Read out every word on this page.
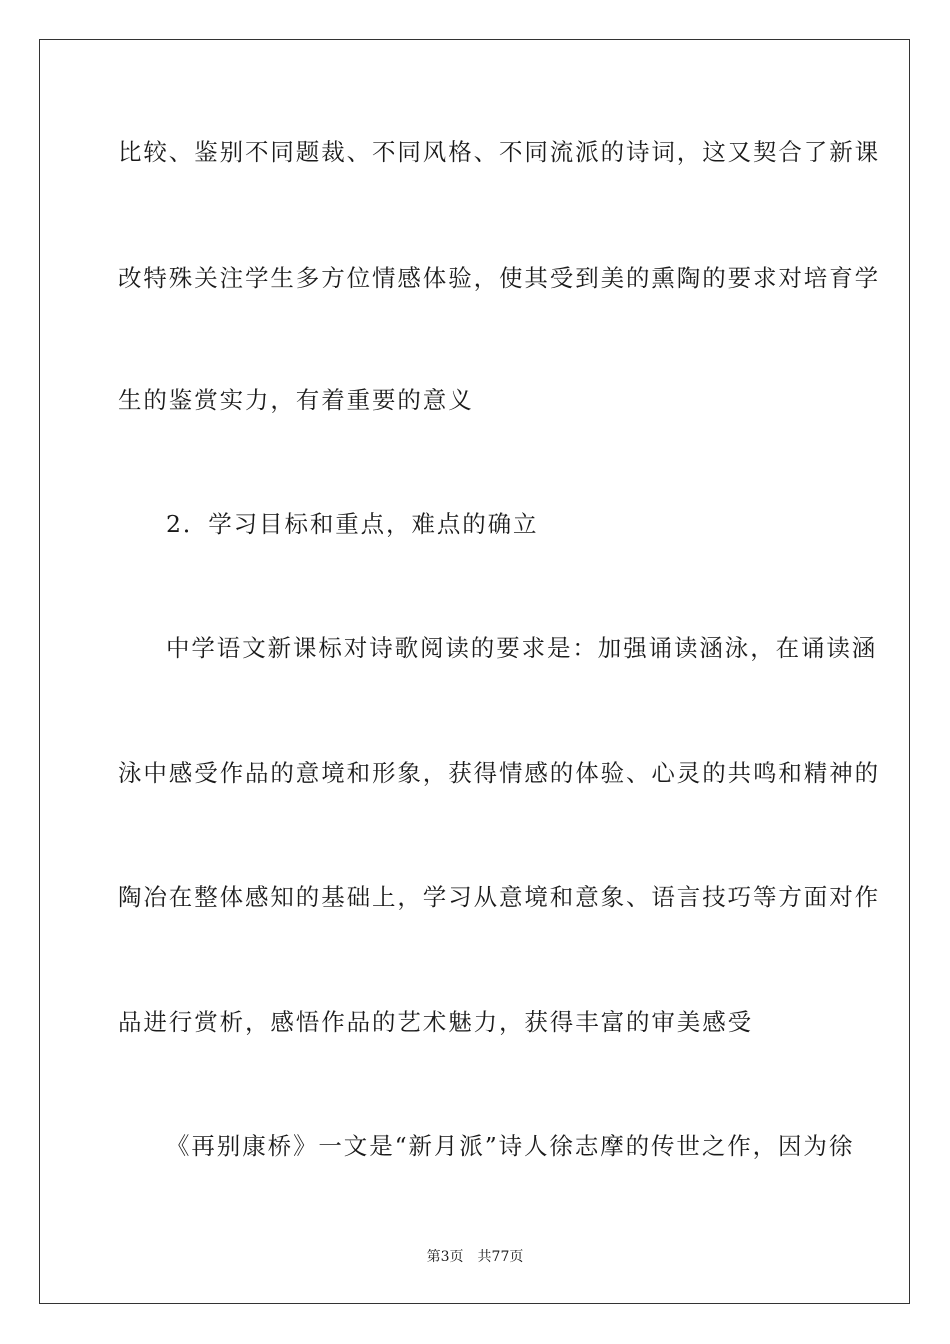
比较、鉴别不同题裁、不同风格、不同流派的诗词，这又契合了新课
改特殊关注学生多方位情感体验，使其受到美的熏陶的要求对培育学
生的鉴赏实力，有着重要的意义
2．学习目标和重点，难点的确立
中学语文新课标对诗歌阅读的要求是：加强诵读涵泳，在诵读涵
泳中感受作品的意境和形象，获得情感的体验、心灵的共鸣和精神的
陶冶在整体感知的基础上，学习从意境和意象、语言技巧等方面对作
品进行赏析，感悟作品的艺术魅力，获得丰富的审美感受
《再别康桥》一文是“新月派”诗人徐志摩的传世之作，因为徐
第3页 共77页
